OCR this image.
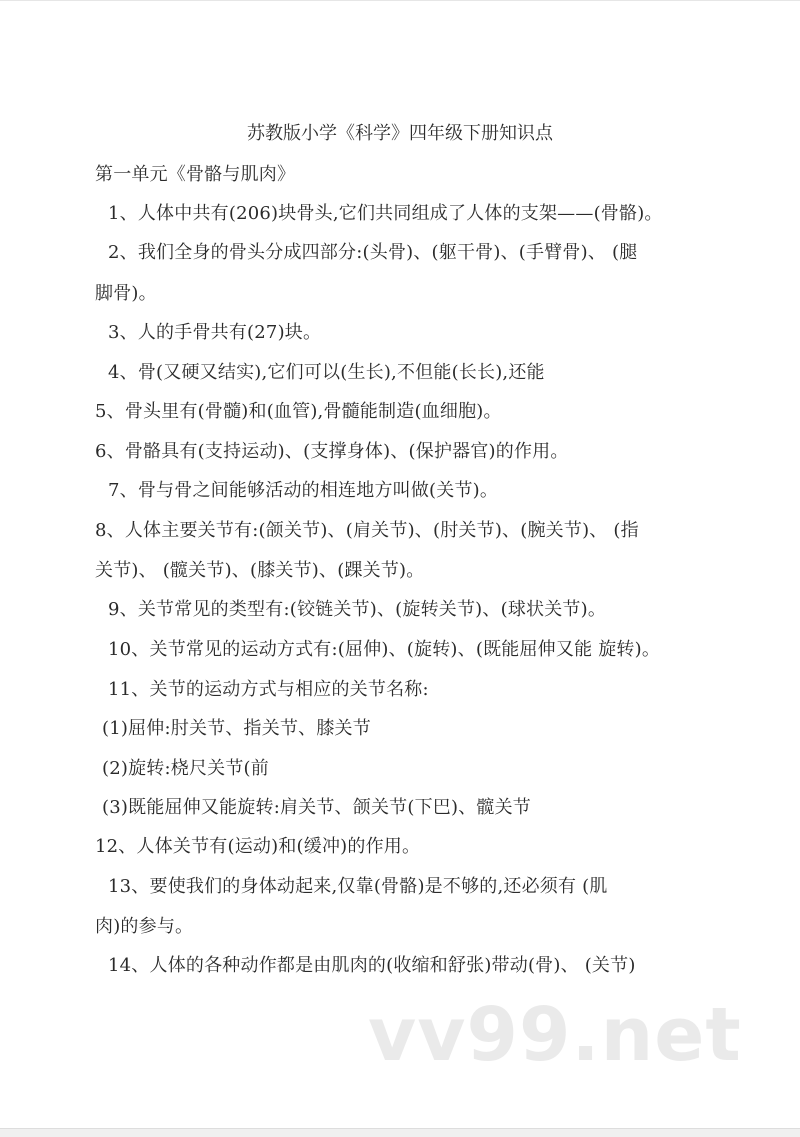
苏教版小学《科学》四年级下册知识点
第一单元《骨骼与肌肉》
1、人体中共有(206)块骨头,它们共同组成了人体的支架——(骨骼)。
2、我们全身的骨头分成四部分:(头骨)、(躯干骨)、(手臂骨)、 (腿
脚骨)。
3、人的手骨共有(27)块。
4、骨(又硬又结实),它们可以(生长),不但能(长长),还能
5、骨头里有(骨髓)和(血管),骨髓能制造(血细胞)。
6、骨骼具有(支持运动)、(支撑身体)、(保护器官)的作用。
7、骨与骨之间能够活动的相连地方叫做(关节)。
8、人体主要关节有:(颌关节)、(肩关节)、(肘关节)、(腕关节)、 (指
关节)、 (髋关节)、(膝关节)、(踝关节)。
9、关节常见的类型有:(铰链关节)、(旋转关节)、(球状关节)。
10、关节常见的运动方式有:(屈伸)、(旋转)、(既能屈伸又能 旋转)。
11、关节的运动方式与相应的关节名称:
(1)屈伸:肘关节、指关节、膝关节
(2)旋转:桡尺关节(前
(3)既能屈伸又能旋转:肩关节、颌关节(下巴)、髋关节
12、人体关节有(运动)和(缓冲)的作用。
13、要使我们的身体动起来,仅靠(骨骼)是不够的,还必须有 (肌
肉)的参与。
14、人体的各种动作都是由肌肉的(收缩和舒张)带动(骨)、 (关节)
vv99.net
